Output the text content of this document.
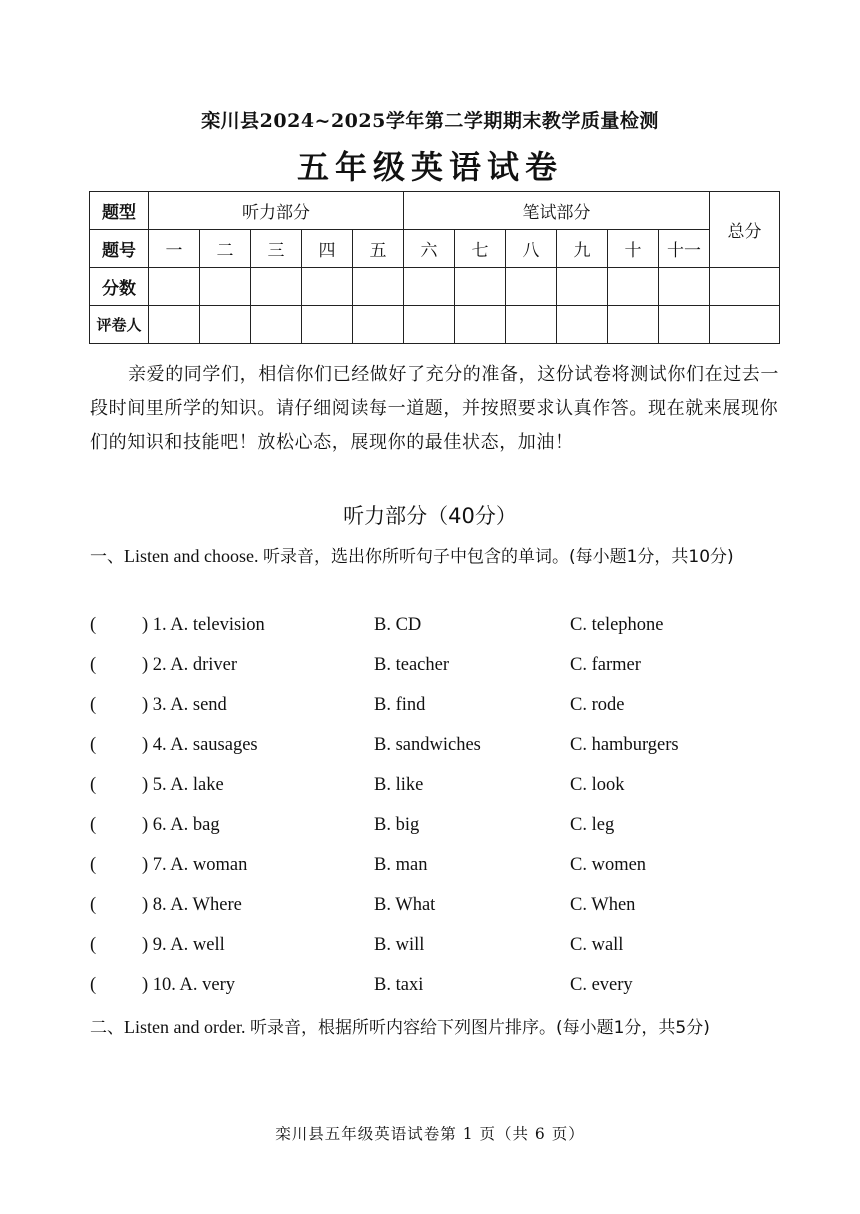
栾川县2024~2025学年第二学期期末教学质量检测
五年级英语试卷
题型	听力部分					笔试部分						总分
题号	一	二	三	四	五	六	七	八	九	十	十一	
分数												
评卷人												
亲爱的同学们，相信你们已经做好了充分的准备，这份试卷将测试你们在过去一段时间里所学的知识。请仔细阅读每一道题，并按照要求认真作答。现在就来展现你们的知识和技能吧！放松心态，展现你的最佳状态，加油！
听力部分（40分）
一、Listen and choose. 听录音，选出你所听句子中包含的单词。(每小题1分，共10分)
( ) 1. A. television	B. CD	C. telephone
( ) 2. A. driver	B. teacher	C. farmer
( ) 3. A. send	B. find	C. rode
( ) 4. A. sausages	B. sandwiches	C. hamburgers
( ) 5. A. lake	B. like	C. look
( ) 6. A. bag	B. big	C. leg
( ) 7. A. woman	B. man	C. women
( ) 8. A. Where	B. What	C. When
( ) 9. A. well	B. will	C. wall
( ) 10. A. very	B. taxi	C. every
二、Listen and order. 听录音，根据所听内容给下列图片排序。(每小题1分，共5分)
栾川县五年级英语试卷第 1 页（共 6 页）
